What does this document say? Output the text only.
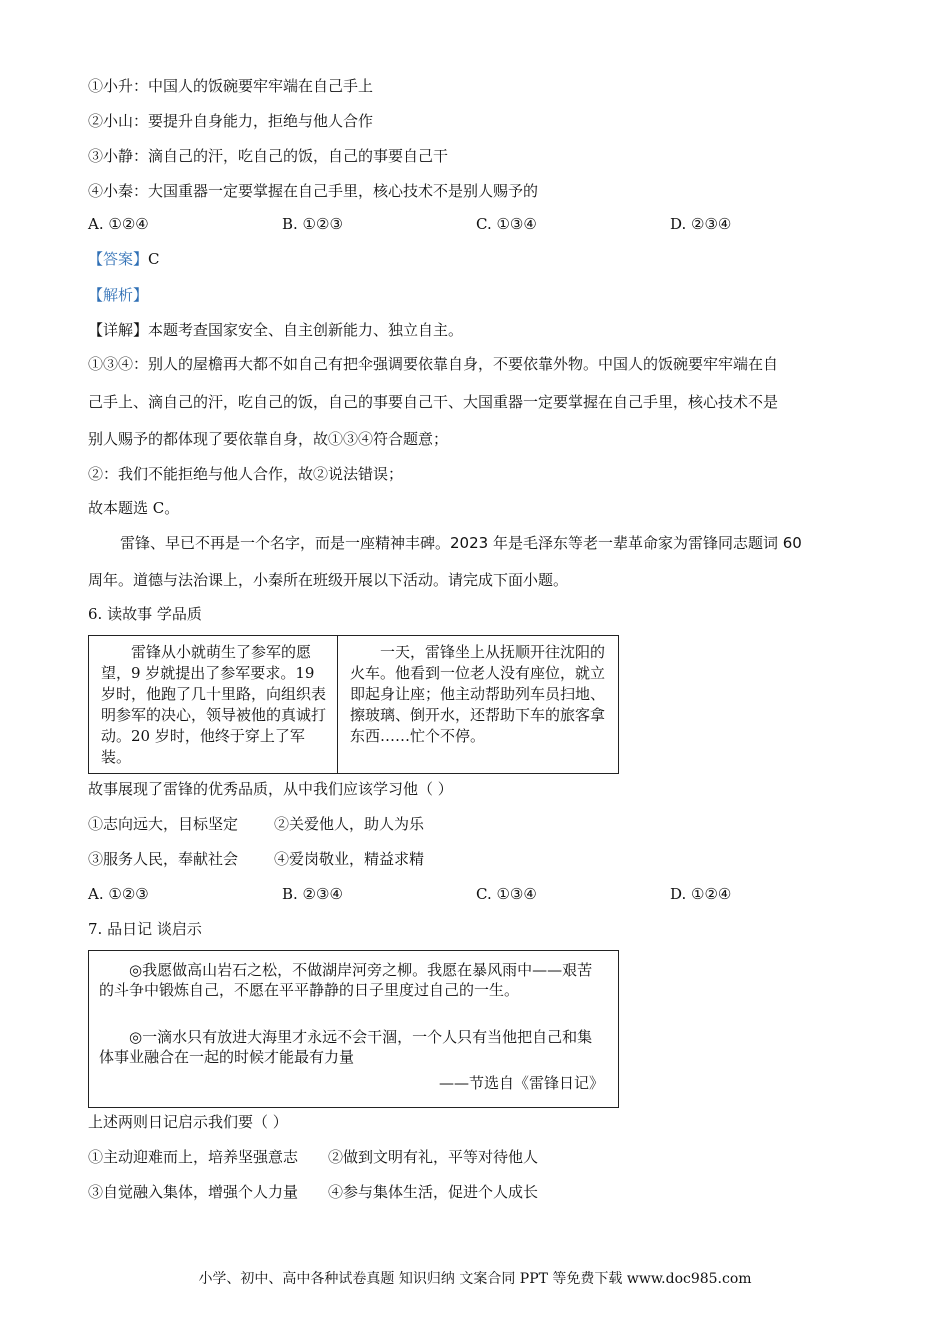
①小升：中国人的饭碗要牢牢端在自己手上
②小山：要提升自身能力，拒绝与他人合作
③小静：滴自己的汗，吃自己的饭，自己的事要自己干
④小秦：大国重器一定要掌握在自己手里，核心技术不是别人赐予的
A. ①②④	B. ①②③	C. ①③④	D. ②③④
【答案】C
【解析】
【详解】本题考查国家安全、自主创新能力、独立自主。
①③④：别人的屋檐再大都不如自己有把伞强调要依靠自身，不要依靠外物。中国人的饭碗要牢牢端在自
己手上、滴自己的汗，吃自己的饭，自己的事要自己干、大国重器一定要掌握在自己手里，核心技术不是
别人赐予的都体现了要依靠自身，故①③④符合题意；
②：我们不能拒绝与他人合作，故②说法错误；
故本题选 C。
雷锋、早已不再是一个名字，而是一座精神丰碑。2023 年是毛泽东等老一辈革命家为雷锋同志题词 60
周年。道德与法治课上，小秦所在班级开展以下活动。请完成下面小题。
6. 读故事 学品质
雷锋从小就萌生了参军的愿望，9 岁就提出了参军要求。19 岁时，他跑了几十里路，向组织表明参军的决心，领导被他的真诚打动。20 岁时，他终于穿上了军装。
一天，雷锋坐上从抚顺开往沈阳的火车。他看到一位老人没有座位，就立即起身让座；他主动帮助列车员扫地、擦玻璃、倒开水，还帮助下车的旅客拿东西……忙个不停。
故事展现了雷锋的优秀品质，从中我们应该学习他（ ）
①志向远大，目标坚定 ②关爱他人，助人为乐
③服务人民，奉献社会 ④爱岗敬业，精益求精
A. ①②③	B. ②③④	C. ①③④	D. ①②④
7. 品日记 谈启示
◎我愿做高山岩石之松，不做湖岸河旁之柳。我愿在暴风雨中——艰苦的斗争中锻炼自己，不愿在平平静静的日子里度过自己的一生。
◎一滴水只有放进大海里才永远不会干涸，一个人只有当他把自己和集体事业融合在一起的时候才能最有力量
——节选自《雷锋日记》
上述两则日记启示我们要（ ）
①主动迎难而上，培养坚强意志 ②做到文明有礼，平等对待他人
③自觉融入集体，增强个人力量 ④参与集体生活，促进个人成长
小学、初中、高中各种试卷真题 知识归纳 文案合同 PPT 等免费下载 www.doc985.com
